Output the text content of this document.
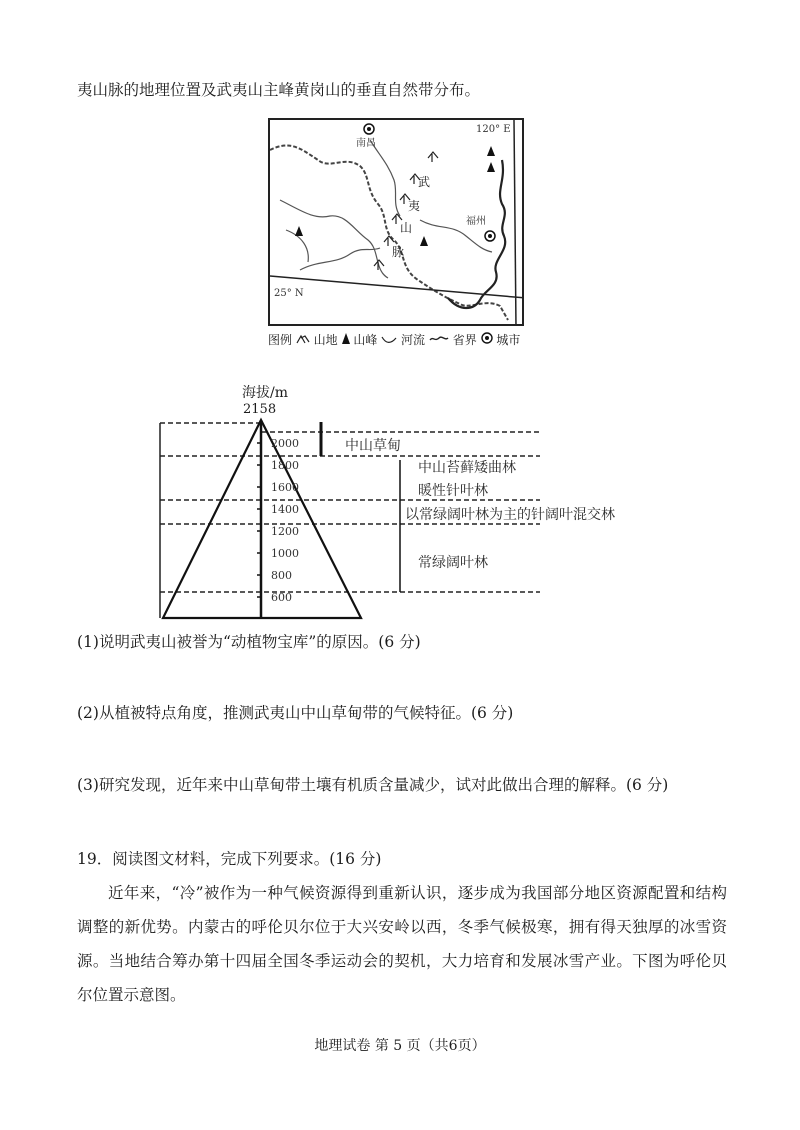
夷山脉的地理位置及武夷山主峰黄岗山的垂直自然带分布。
南昌
福州
120° E
25° N
武
夷
山
脉
图例 山地 山峰 河流 省界 城市
海拔/m
2158
2000
1800
1600
1400
1200
1000
800
600
中山草甸
中山苔藓矮曲林
暖性针叶林
以常绿阔叶林为主的针阔叶混交林
常绿阔叶林
(1)说明武夷山被誉为“动植物宝库”的原因。(6 分)
(2)从植被特点角度，推测武夷山中山草甸带的气候特征。(6 分)
(3)研究发现，近年来中山草甸带土壤有机质含量减少，试对此做出合理的解释。(6 分)
19．阅读图文材料，完成下列要求。(16 分)
近年来，“冷”被作为一种气候资源得到重新认识，逐步成为我国部分地区资源配置和结构调整的新优势。内蒙古的呼伦贝尔位于大兴安岭以西，冬季气候极寒，拥有得天独厚的冰雪资源。当地结合筹办第十四届全国冬季运动会的契机，大力培育和发展冰雪产业。下图为呼伦贝尔位置示意图。
地理试卷 第 5 页（共6页）
